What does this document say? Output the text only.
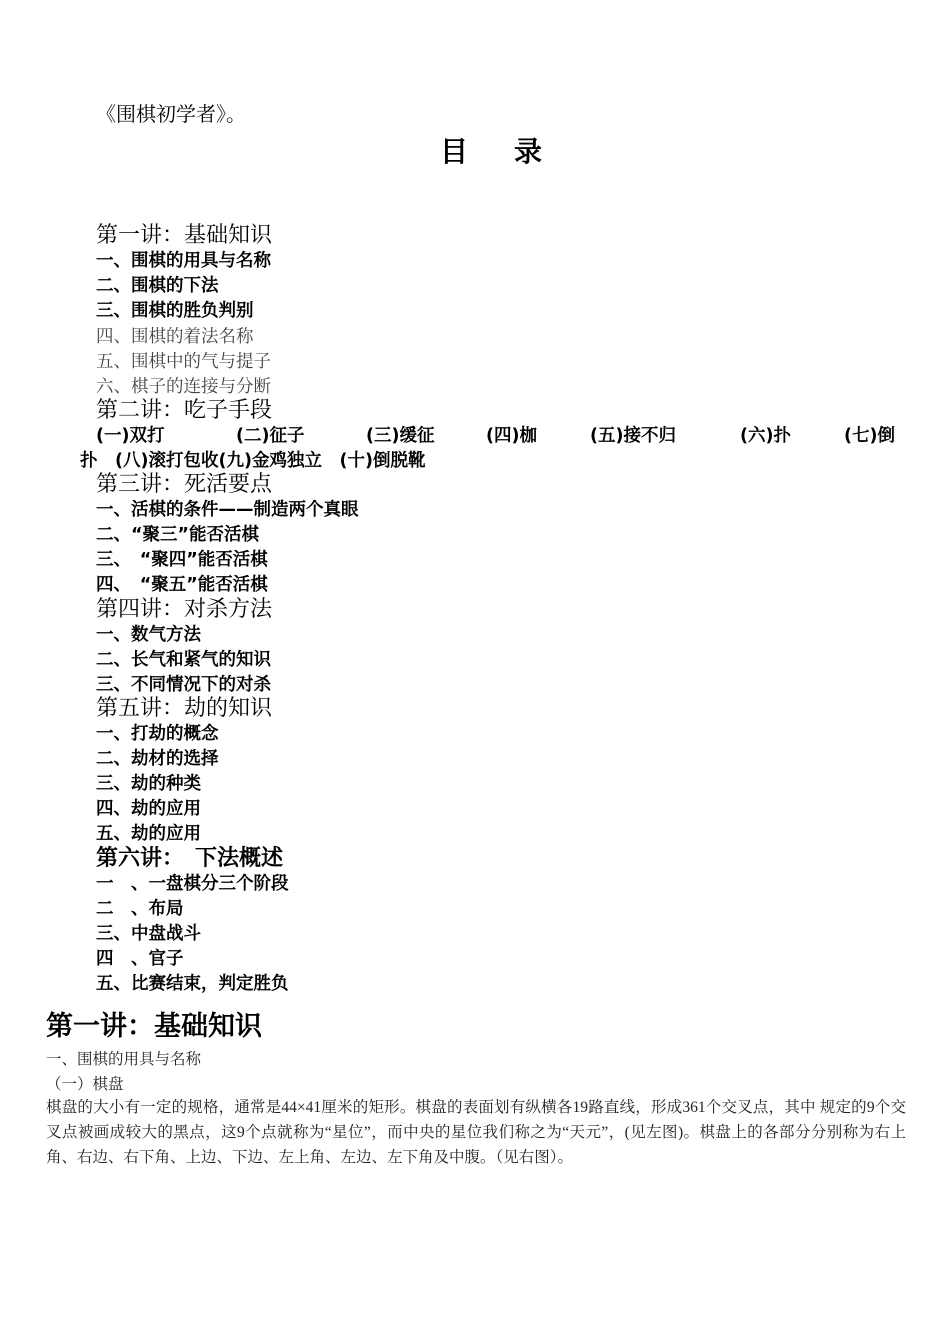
《围棋初学者》。
目 录
第一讲：基础知识
一、围棋的用具与名称
二、围棋的下法
三、围棋的胜负判别
四、围棋的着法名称
五、围棋中的气与提子
六、棋子的连接与分断
第二讲：吃子手段
(一)双打	(二)征子	(三)缓征	(四)枷	(五)接不归	(六)扑	(七)倒
扑　(八)滚打包收(九)金鸡独立　(十)倒脱靴
第三讲：死活要点
一、活棋的条件——制造两个真眼
二、“聚三”能否活棋
三、　“聚四”能否活棋
四、　“聚五”能否活棋
第四讲：对杀方法
一、数气方法
二、长气和紧气的知识
三、不同情况下的对杀
第五讲：劫的知识
一、打劫的概念
二、劫材的选择
三、劫的种类
四、劫的应用
五、劫的应用
第六讲：　下法概述
一　、一盘棋分三个阶段
二　、布局
三、中盘战斗
四　、官子
五、比赛结束，判定胜负
第一讲：基础知识
一、围棋的用具与名称
（一）棋盘
棋盘的大小有一定的规格，通常是44×41厘米的矩形。棋盘的表面划有纵横各19路直线，形成361个交叉点，其中 规定的9个交叉点被画成较大的黑点，这9个点就称为“星位”，而中央的星位我们称之为“天元”，(见左图)。棋盘上的各部分分别称为右上角、右边、右下角、上边、下边、左上角、左边、左下角及中腹。（见右图）。
